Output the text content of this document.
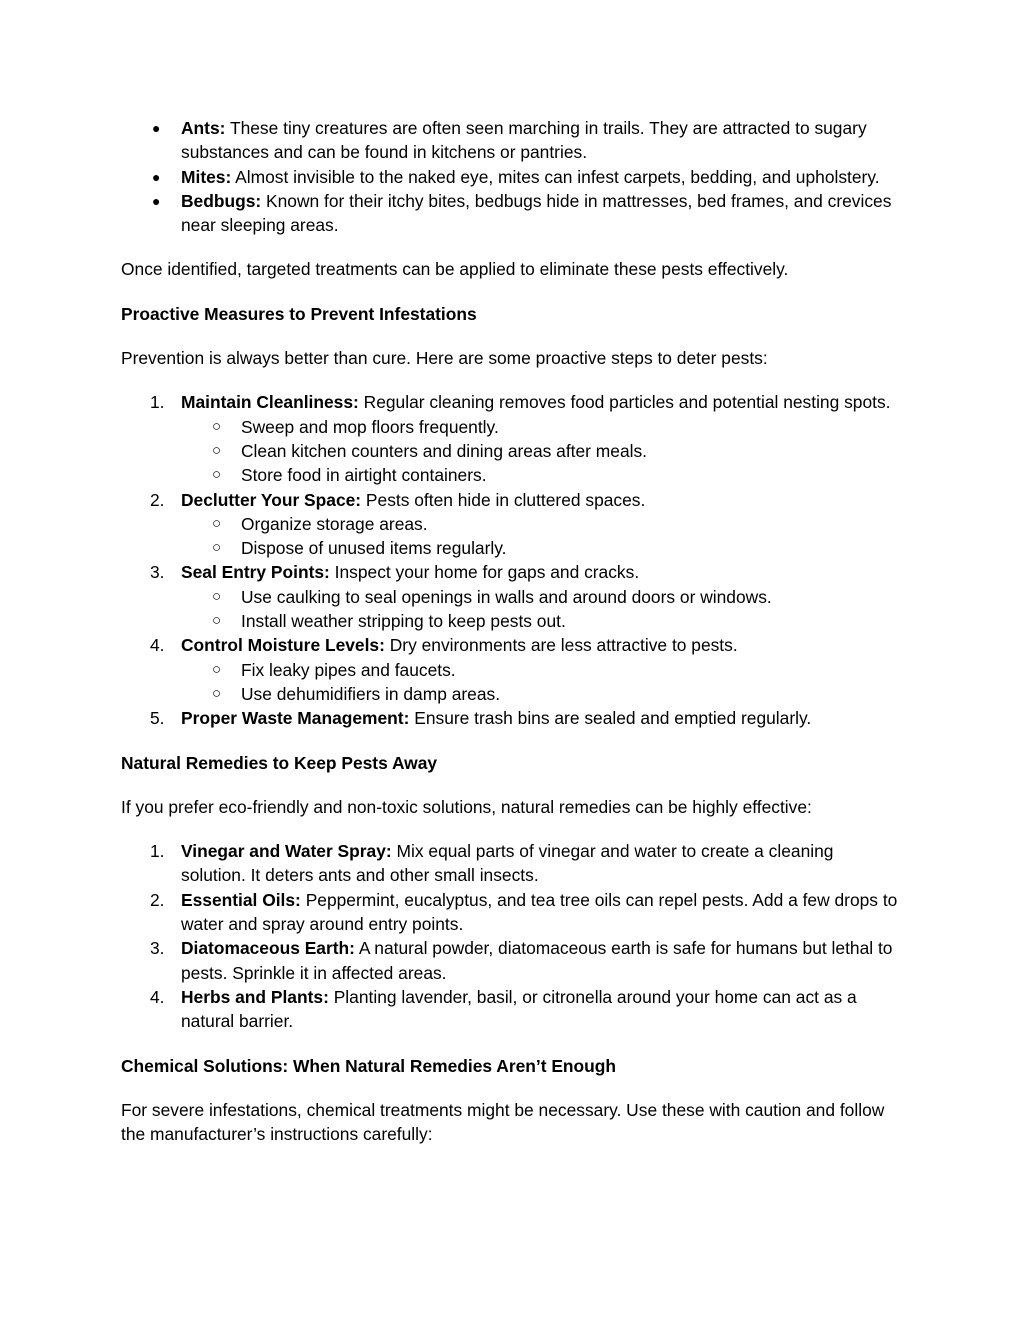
●	Ants: These tiny creatures are often seen marching in trails. They are attracted to sugary substances and can be found in kitchens or pantries.
●	Mites: Almost invisible to the naked eye, mites can infest carpets, bedding, and upholstery.
●	Bedbugs: Known for their itchy bites, bedbugs hide in mattresses, bed frames, and crevices near sleeping areas.

Once identified, targeted treatments can be applied to eliminate these pests effectively.

Proactive Measures to Prevent Infestations

Prevention is always better than cure. Here are some proactive steps to deter pests:

1. Maintain Cleanliness: Regular cleaning removes food particles and potential nesting spots.
○ Sweep and mop floors frequently.
○ Clean kitchen counters and dining areas after meals.
○ Store food in airtight containers.
2. Declutter Your Space: Pests often hide in cluttered spaces.
○ Organize storage areas.
○ Dispose of unused items regularly.
3. Seal Entry Points: Inspect your home for gaps and cracks.
○ Use caulking to seal openings in walls and around doors or windows.
○ Install weather stripping to keep pests out.
4. Control Moisture Levels: Dry environments are less attractive to pests.
○ Fix leaky pipes and faucets.
○ Use dehumidifiers in damp areas.
5. Proper Waste Management: Ensure trash bins are sealed and emptied regularly.

Natural Remedies to Keep Pests Away

If you prefer eco-friendly and non-toxic solutions, natural remedies can be highly effective:

1. Vinegar and Water Spray: Mix equal parts of vinegar and water to create a cleaning solution. It deters ants and other small insects.
2. Essential Oils: Peppermint, eucalyptus, and tea tree oils can repel pests. Add a few drops to water and spray around entry points.
3. Diatomaceous Earth: A natural powder, diatomaceous earth is safe for humans but lethal to pests. Sprinkle it in affected areas.
4. Herbs and Plants: Planting lavender, basil, or citronella around your home can act as a natural barrier.

Chemical Solutions: When Natural Remedies Aren’t Enough

For severe infestations, chemical treatments might be necessary. Use these with caution and follow the manufacturer’s instructions carefully:
